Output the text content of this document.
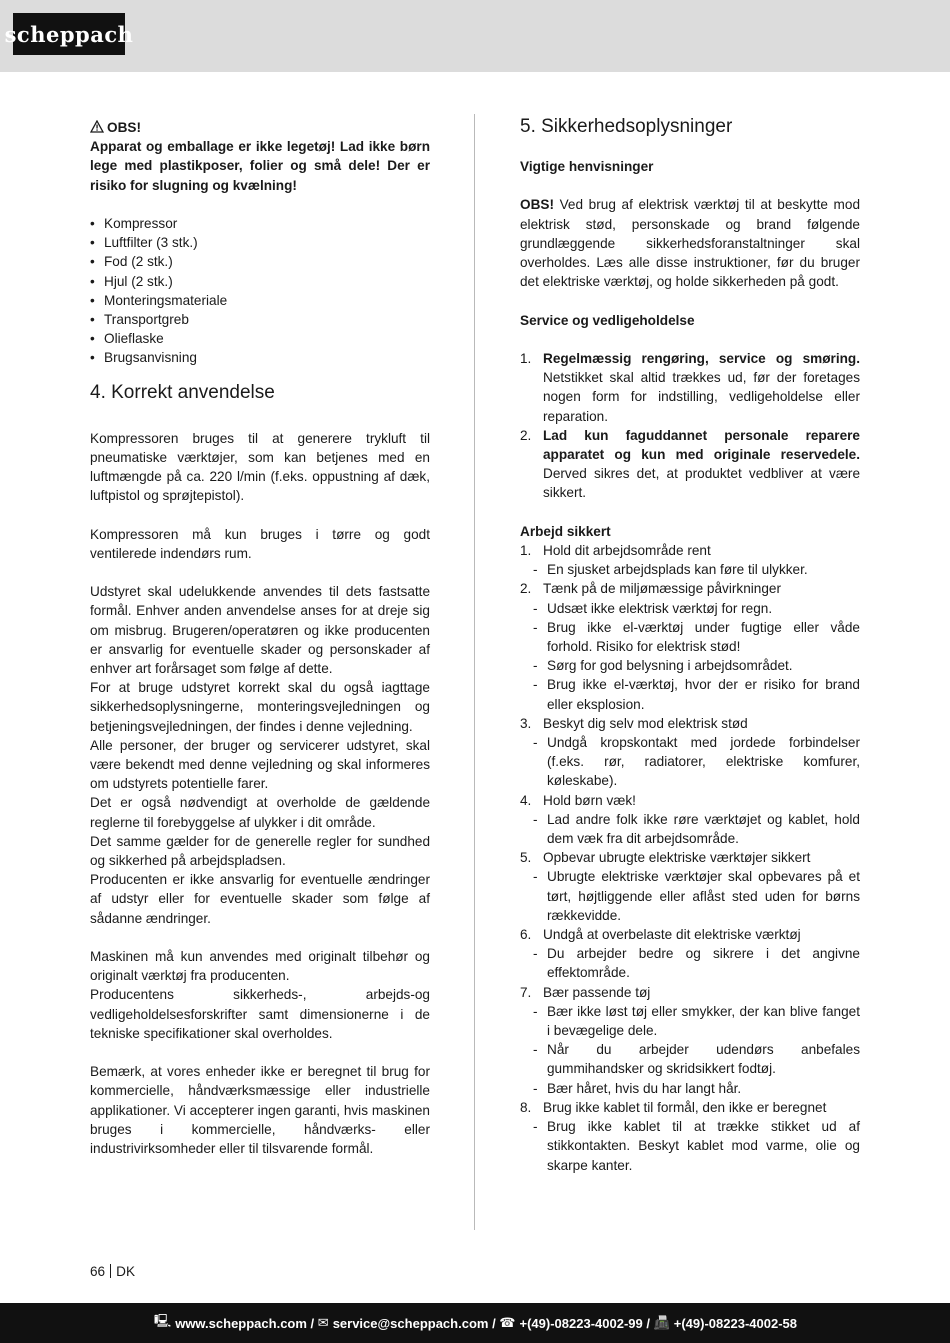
scheppach

OBS!

Apparat og emballage er ikke legetøj! Lad ikke børn lege med plastikposer, folier og små dele! Der er risiko for slugning og kvælning!

• Kompressor
• Luftfilter (3 stk.)
• Fod (2 stk.)
• Hjul (2 stk.)
• Monteringsmateriale
• Transportgreb
• Olieflaske
• Brugsanvisning
4. Korrekt anvendelse

Kompressoren bruges til at generere trykluft til pneumatiske værktøjer, som kan betjenes med en luftmængde på ca. 220 l/min (f.eks. oppustning af dæk, luftpistol og sprøjtepistol).

Kompressoren må kun bruges i tørre og godt ventilerede indendørs rum.

Udstyret skal udelukkende anvendes til dets fastsatte formål. Enhver anden anvendelse anses for at dreje sig om misbrug. Brugeren/operatøren og ikke producenten er ansvarlig for eventuelle skader og personskader af enhver art forårsaget som følge af dette.

For at bruge udstyret korrekt skal du også iagttage sikkerhedsoplysningerne, monteringsvejledningen og betjeningsvejledningen, der findes i denne vejledning.

Alle personer, der bruger og servicerer udstyret, skal være bekendt med denne vejledning og skal informeres om udstyrets potentielle farer.

Det er også nødvendigt at overholde de gældende reglerne til forebyggelse af ulykker i dit område.

Det samme gælder for de generelle regler for sundhed og sikkerhed på arbejdspladsen.

Producenten er ikke ansvarlig for eventuelle ændringer af udstyr eller for eventuelle skader som følge af sådanne ændringer.

Maskinen må kun anvendes med originalt tilbehør og originalt værktøj fra producenten.

Producentens sikkerheds-, arbejds-og vedligeholdelsesforskrifter samt dimensionerne i de tekniske specifikationer skal overholdes.

Bemærk, at vores enheder ikke er beregnet til brug for kommercielle, håndværksmæssige eller industrielle applikationer. Vi accepterer ingen garanti, hvis maskinen bruges i kommercielle, håndværks- eller industrivirksomheder eller til tilsvarende formål.

5. Sikkerhedsoplysninger

Vigtige henvisninger

OBS! Ved brug af elektrisk værktøj til at beskytte mod elektrisk stød, personskade og brand følgende grundlæggende sikkerhedsforanstaltninger skal overholdes. Læs alle disse instruktioner, før du bruger det elektriske værktøj, og holde sikkerheden på godt.

Service og vedligeholdelse

1. Regelmæssig rengøring, service og smøring. Netstikket skal altid trækkes ud, før der foretages nogen form for indstilling, vedligeholdelse eller reparation.
2. Lad kun faguddannet personale reparere apparatet og kun med originale reservedele. Derved sikres det, at produktet vedbliver at være sikkert.

Arbejd sikkert

1. Hold dit arbejdsområde rent
- En sjusket arbejdsplads kan føre til ulykker.
2. Tænk på de miljømæssige påvirkninger
- Udsæt ikke elektrisk værktøj for regn.
- Brug ikke el-værktøj under fugtige eller våde forhold. Risiko for elektrisk stød!
- Sørg for god belysning i arbejdsområdet.
- Brug ikke el-værktøj, hvor der er risiko for brand eller eksplosion.
3. Beskyt dig selv mod elektrisk stød
- Undgå kropskontakt med jordede forbindelser (f.eks. rør, radiatorer, elektriske komfurer, køleskabe).
4. Hold børn væk!
- Lad andre folk ikke røre værktøjet og kablet, hold dem væk fra dit arbejdsområde.
5. Opbevar ubrugte elektriske værktøjer sikkert
- Ubrugte elektriske værktøjer skal opbevares på et tørt, højtliggende eller aflåst sted uden for børns rækkevidde.
6. Undgå at overbelaste dit elektriske værktøj
- Du arbejder bedre og sikrere i det angivne effektområde.
7. Bær passende tøj
- Bær ikke løst tøj eller smykker, der kan blive fanget i bevægelige dele.
- Når du arbejder udendørs anbefales gummihandsker og skridsikkert fodtøj.
- Bær håret, hvis du har langt hår.
8. Brug ikke kablet til formål, den ikke er beregnet
- Brug ikke kablet til at trække stikket ud af stikkontakten. Beskyt kablet mod varme, olie og skarpe kanter.
66 DK
🖳 www.scheppach.com / ✉ service@scheppach.com / ☎ +(49)-08223-4002-99 / 📠 +(49)-08223-4002-58
